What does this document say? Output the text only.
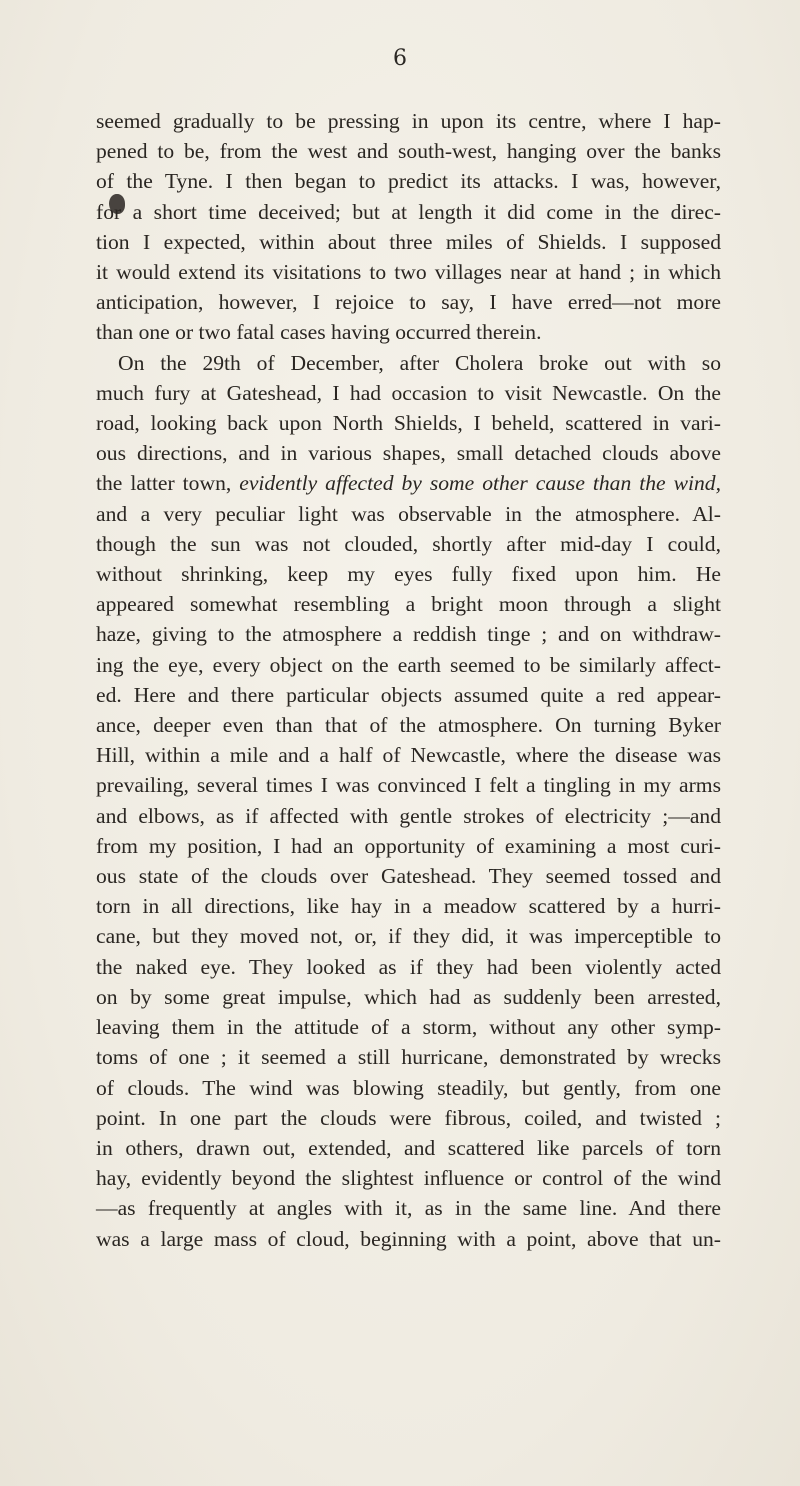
6
seemed gradually to be pressing in upon its centre, where I hap-
pened to be, from the west and south-west, hanging over the banks
of the Tyne. I then began to predict its attacks. I was, however,
for a short time deceived; but at length it did come in the direc-
tion I expected, within about three miles of Shields. I supposed
it would extend its visitations to two villages near at hand ; in which
anticipation, however, I rejoice to say, I have erred—not more
than one or two fatal cases having occurred therein.
On the 29th of December, after Cholera broke out with so
much fury at Gateshead, I had occasion to visit Newcastle. On the
road, looking back upon North Shields, I beheld, scattered in vari-
ous directions, and in various shapes, small detached clouds above
the latter town, evidently affected by some other cause than the wind,
and a very peculiar light was observable in the atmosphere. Al-
though the sun was not clouded, shortly after mid-day I could,
without shrinking, keep my eyes fully fixed upon him. He
appeared somewhat resembling a bright moon through a slight
haze, giving to the atmosphere a reddish tinge ; and on withdraw-
ing the eye, every object on the earth seemed to be similarly affect-
ed. Here and there particular objects assumed quite a red appear-
ance, deeper even than that of the atmosphere. On turning Byker
Hill, within a mile and a half of Newcastle, where the disease was
prevailing, several times I was convinced I felt a tingling in my arms
and elbows, as if affected with gentle strokes of electricity ;—and
from my position, I had an opportunity of examining a most curi-
ous state of the clouds over Gateshead. They seemed tossed and
torn in all directions, like hay in a meadow scattered by a hurri-
cane, but they moved not, or, if they did, it was imperceptible to
the naked eye. They looked as if they had been violently acted
on by some great impulse, which had as suddenly been arrested,
leaving them in the attitude of a storm, without any other symp-
toms of one ; it seemed a still hurricane, demonstrated by wrecks
of clouds. The wind was blowing steadily, but gently, from one
point. In one part the clouds were fibrous, coiled, and twisted ;
in others, drawn out, extended, and scattered like parcels of torn
hay, evidently beyond the slightest influence or control of the wind
—as frequently at angles with it, as in the same line. And there
was a large mass of cloud, beginning with a point, above that un-
